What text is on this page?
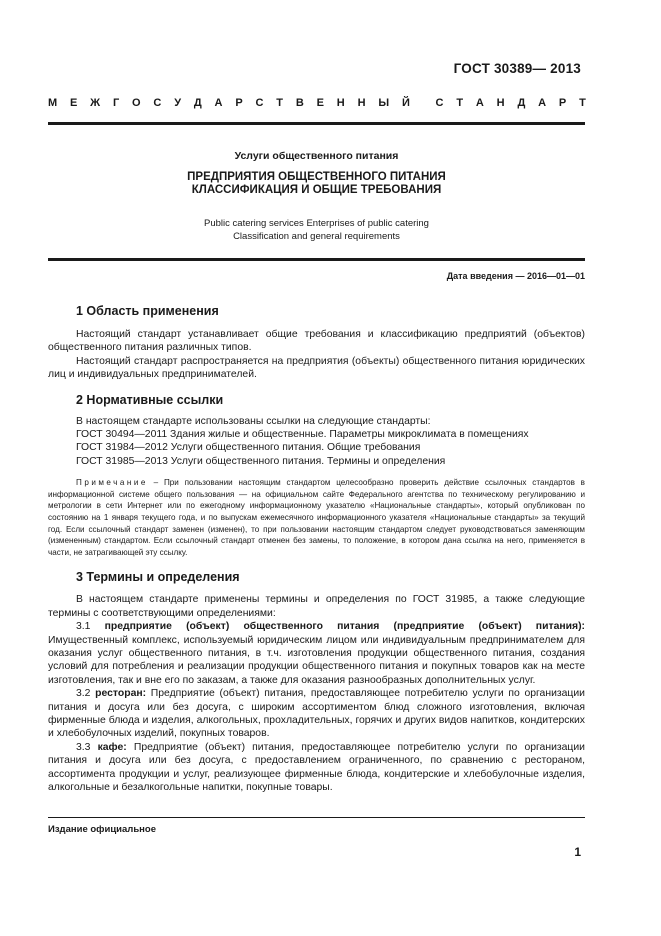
ГОСТ 30389— 2013
М Е Ж Г О С У Д А Р С Т В Е Н Н Ы Й С Т А Н Д А Р Т
Услуги общественного питания
ПРЕДПРИЯТИЯ ОБЩЕСТВЕННОГО ПИТАНИЯ
КЛАССИФИКАЦИЯ И ОБЩИЕ ТРЕБОВАНИЯ
Public catering services Enterprises of public catering
Classification and general requirements
Дата введения — 2016—01—01
1 Область применения

Настоящий стандарт устанавливает общие требования и классификацию предприятий (объектов) общественного питания различных типов.

Настоящий стандарт распространяется на предприятия (объекты) общественного питания юридических лиц и индивидуальных предпринимателей.

2 Нормативные ссылки

В настоящем стандарте использованы ссылки на следующие стандарты:

ГОСТ 30494—2011 Здания жилые и общественные. Параметры микроклимата в помещениях

ГОСТ 31984—2012 Услуги общественного питания. Общие требования

ГОСТ 31985—2013 Услуги общественного питания. Термины и определения

Примечание – При пользовании настоящим стандартом целесообразно проверить действие ссылочных стандартов в информационной системе общего пользования — на официальном сайте Федерального агентства по техническому регулированию и метрологии в сети Интернет или по ежегодному информационному указателю «Национальные стандарты», который опубликован по состоянию на 1 января текущего года, и по выпускам ежемесячного информационного указателя «Национальные стандарты» за текущий год. Если ссылочный стандарт заменен (изменен), то при пользовании настоящим стандартом следует руководствоваться заменяющим (измененным) стандартом. Если ссылочный стандарт отменен без замены, то положение, в котором дана ссылка на него, применяется в части, не затрагивающей эту ссылку.

3 Термины и определения

В настоящем стандарте применены термины и определения по ГОСТ 31985, а также следующие термины с соответствующими определениями:

3.1 предприятие (объект) общественного питания (предприятие (объект) питания): Имущественный комплекс, используемый юридическим лицом или индивидуальным предпринимателем для оказания услуг общественного питания, в т.ч. изготовления продукции общественного питания, создания условий для потребления и реализации продукции общественного питания и покупных товаров как на месте изготовления, так и вне его по заказам, а также для оказания разнообразных дополнительных услуг.

3.2 ресторан: Предприятие (объект) питания, предоставляющее потребителю услуги по организации питания и досуга или без досуга, с широким ассортиментом блюд сложного изготовления, включая фирменные блюда и изделия, алкогольных, прохладительных, горячих и других видов напитков, кондитерских и хлебобулочных изделий, покупных товаров.

3.3 кафе: Предприятие (объект) питания, предоставляющее потребителю услуги по организации питания и досуга или без досуга, с предоставлением ограниченного, по сравнению с рестораном, ассортимента продукции и услуг, реализующее фирменные блюда, кондитерские и хлебобулочные изделия, алкогольные и безалкогольные напитки, покупные товары.

Издание официальное
1
